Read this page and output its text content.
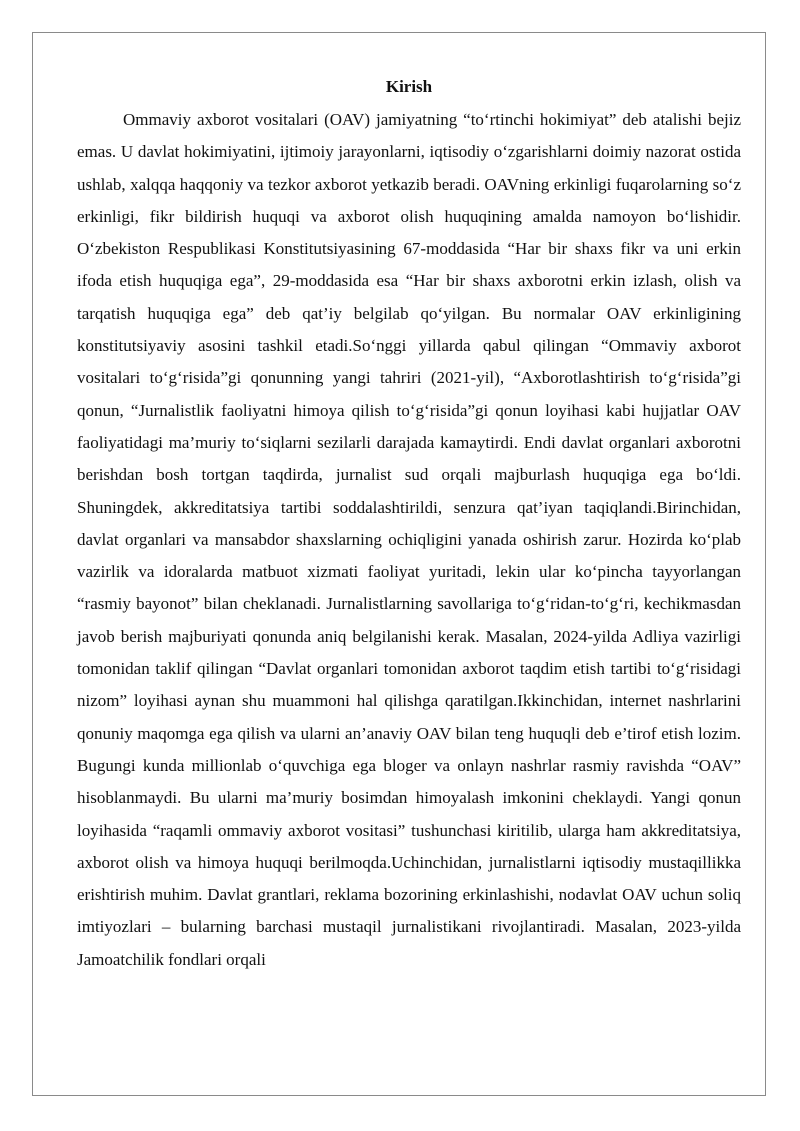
Kirish

Ommaviy axborot vositalari (OAV) jamiyatning “to‘rtinchi hokimiyat” deb atalishi bejiz emas. U davlat hokimiyatini, ijtimoiy jarayonlarni, iqtisodiy o‘zgarishlarni doimiy nazorat ostida ushlab, xalqqa haqqoniy va tezkor axborot yetkazib beradi. OAVning erkinligi fuqarolarning so‘z erkinligi, fikr bildirish huquqi va axborot olish huquqining amalda namoyon bo‘lishidir. O‘zbekiston Respublikasi Konstitutsiyasining 67-moddasida “Har bir shaxs fikr va uni erkin ifoda etish huquqiga ega”, 29-moddasida esa “Har bir shaxs axborotni erkin izlash, olish va tarqatish huquqiga ega” deb qat’iy belgilab qo‘yilgan. Bu normalar OAV erkinligining konstitutsiyaviy asosini tashkil etadi.So‘nggi yillarda qabul qilingan “Ommaviy axborot vositalari to‘g‘risida”gi qonunning yangi tahriri (2021-yil), “Axborotlashtirish to‘g‘risida”gi qonun, “Jurnalistlik faoliyatni himoya qilish to‘g‘risida”gi qonun loyihasi kabi hujjatlar OAV faoliyatidagi ma’muriy to‘siqlarni sezilarli darajada kamaytirdi. Endi davlat organlari axborotni berishdan bosh tortgan taqdirda, jurnalist sud orqali majburlash huquqiga ega bo‘ldi. Shuningdek, akkreditatsiya tartibi soddalashtirildi, senzura qat’iyan taqiqlandi.Birinchidan, davlat organlari va mansabdor shaxslarning ochiqligini yanada oshirish zarur. Hozirda ko‘plab vazirlik va idoralarda matbuot xizmati faoliyat yuritadi, lekin ular ko‘pincha tayyorlangan “rasmiy bayonot” bilan cheklanadi. Jurnalistlarning savollariga to‘g‘ridan-to‘g‘ri, kechikmasdan javob berish majburiyati qonunda aniq belgilanishi kerak. Masalan, 2024-yilda Adliya vazirligi tomonidan taklif qilingan “Davlat organlari tomonidan axborot taqdim etish tartibi to‘g‘risidagi nizom” loyihasi aynan shu muammoni hal qilishga qaratilgan.Ikkinchidan, internet nashrlarini qonuniy maqomga ega qilish va ularni an’anaviy OAV bilan teng huquqli deb e’tirof etish lozim. Bugungi kunda millionlab o‘quvchiga ega bloger va onlayn nashrlar rasmiy ravishda “OAV” hisoblanmaydi. Bu ularni ma’muriy bosimdan himoyalash imkonini cheklaydi. Yangi qonun loyihasida “raqamli ommaviy axborot vositasi” tushunchasi kiritilib, ularga ham akkreditatsiya, axborot olish va himoya huquqi berilmoqda.Uchinchidan, jurnalistlarni iqtisodiy mustaqillikka erishtirish muhim. Davlat grantlari, reklama bozorining erkinlashishi, nodavlat OAV uchun soliq imtiyozlari – bularning barchasi mustaqil jurnalistikani rivojlantiradi. Masalan, 2023-yilda Jamoatchilik fondlari orqali
